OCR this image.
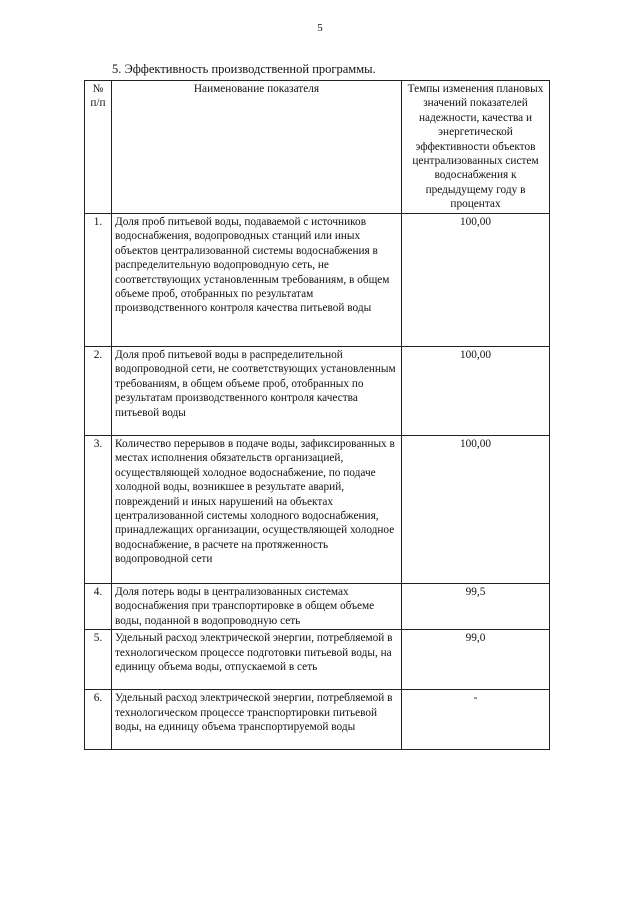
5
5. Эффективность производственной программы.
№ п/п	Наименование показателя	Темпы изменения плановых значений показателей надежности, качества и энергетической эффективности объектов централизованных систем водоснабжения к предыдущему году в процентах
1.	Доля проб питьевой воды, подаваемой с источников водоснабжения, водопроводных станций или иных объектов централизованной системы водоснабжения в распределительную водопроводную сеть, не соответствующих установленным требованиям, в общем объеме проб, отобранных по результатам производственного контроля качества питьевой воды	100,00
2.	Доля проб питьевой воды в распределительной водопроводной сети, не соответствующих установленным требованиям, в общем объеме проб, отобранных по результатам производственного контроля качества питьевой воды	100,00
3.	Количество перерывов в подаче воды, зафиксированных в местах исполнения обязательств организацией, осуществляющей холодное водоснабжение, по подаче холодной воды, возникшее в результате аварий, повреждений и иных нарушений на объектах централизованной системы холодного водоснабжения, принадлежащих организации, осуществляющей холодное водоснабжение, в расчете на протяженность водопроводной сети	100,00
4.	Доля потерь воды в централизованных системах водоснабжения при транспортировке в общем объеме воды, поданной в водопроводную сеть	99,5
5.	Удельный расход электрической энергии, потребляемой в технологическом процессе подготовки питьевой воды, на единицу объема воды, отпускаемой в сеть	99,0
6.	Удельный расход электрической энергии, потребляемой в технологическом процессе транспортировки питьевой воды, на единицу объема транспортируемой воды	-
